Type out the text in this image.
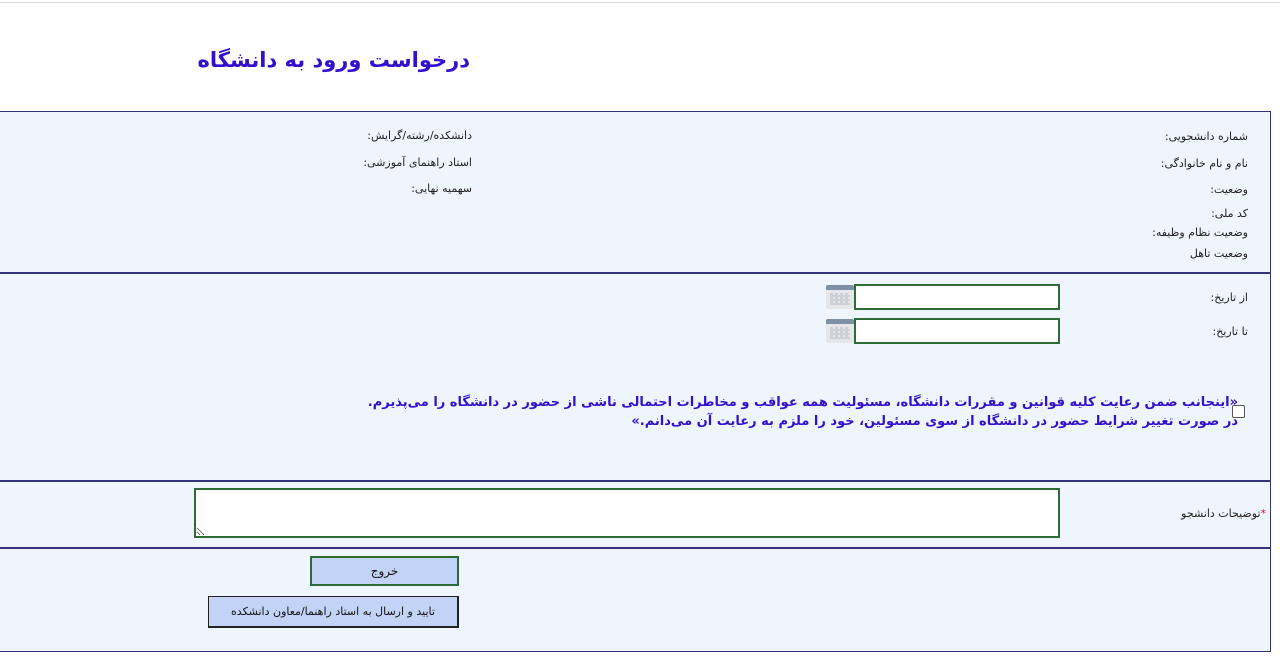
درخواست ورود به دانشگاه
شماره دانشجویی:
نام و نام خانوادگی:
وضعیت:
کد ملی:
وضعیت نظام وظیفه:
وضعیت تاهل
دانشکده/رشته/گرایش:
استاد راهنمای آموزشی:
سهمیه نهایی:
از تاریخ:
تا تاریخ:
«اینجانب ضمن رعایت کلیه قوانین و مقررات دانشگاه، مسئولیت همه عواقب و مخاطرات احتمالی ناشی از حضور در دانشگاه را می‌پذیرم.
در صورت تغییر شرایط حضور در دانشگاه از سوی مسئولین، خود را ملزم به رعایت آن می‌دانم.»
*توضیحات دانشجو
خروج
تایید و ارسال به استاد راهنما/معاون دانشکده
